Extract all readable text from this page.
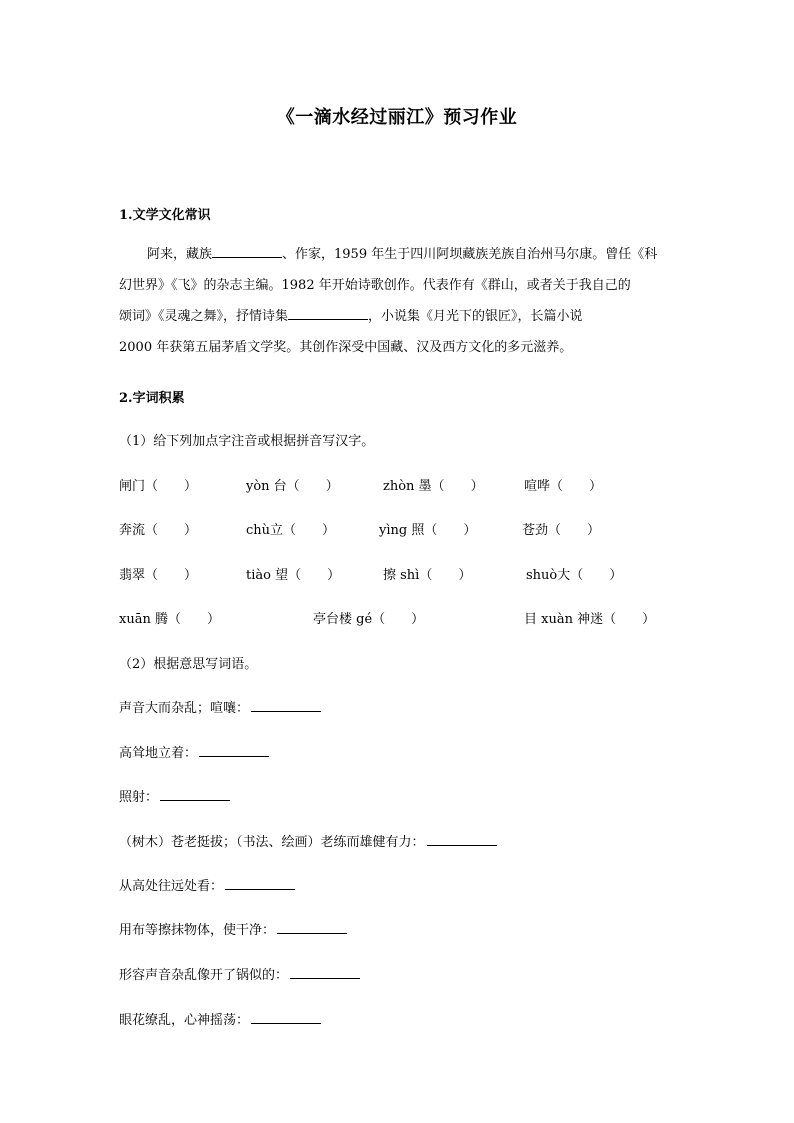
《一滴水经过丽江》预习作业
1.文学文化常识
阿来，藏族	、作家，1959 年生于四川阿坝藏族羌族自治州马尔康。曾任《科
幻世界》《飞》的杂志主编。1982 年开始诗歌创作。代表作有《群山，或者关于我自己的
颂词》《灵魂之舞》，抒情诗集	，小说集《月光下的银匠》，长篇小说
2000 年获第五届茅盾文学奖。其创作深受中国藏、汉及西方文化的多元滋养。
2.字词积累
（1）给下列加点字注音或根据拼音写汉字。
闸门（ ）	yòn 台（ ）	zhòn 墨（ ）	喧哗（ ）
奔流（ ）	chù立（ ）	yìng 照（ ）	苍劲（ ）
翡翠（ ）	tiào 望（ ）	擦 shì（ ）	shuò大（ ）
xuān 腾（ ）	亭台楼 gé（ ）	目 xuàn 神迷（ ）
（2）根据意思写词语。
声音大而杂乱；喧嚷：
高耸地立着：
照射：
（树木）苍老挺拔；（书法、绘画）老练而雄健有力：
从高处往远处看：
用布等擦抹物体，使干净：
形容声音杂乱像开了锅似的：
眼花缭乱，心神摇荡：
